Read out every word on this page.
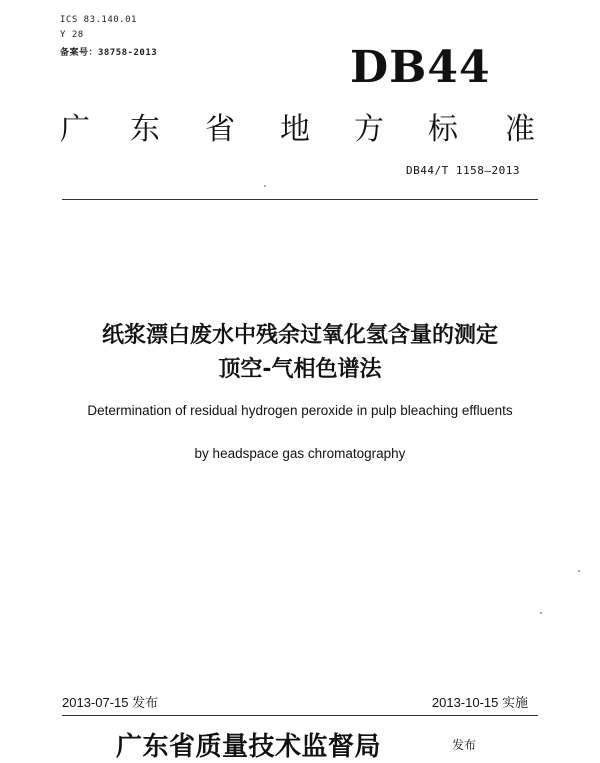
ICS 83.140.01
Y 28
备案号：38758-2013	DB44
广 东 省 地 方 标 准
DB44/T 1158—2013
纸浆漂白废水中残余过氧化氢含量的测定
顶空-气相色谱法
Determination of residual hydrogen peroxide in pulp bleaching effluents
by headspace gas chromatography
2013-07-15 发布	2013-10-15 实施
广东省质量技术监督局	发布
